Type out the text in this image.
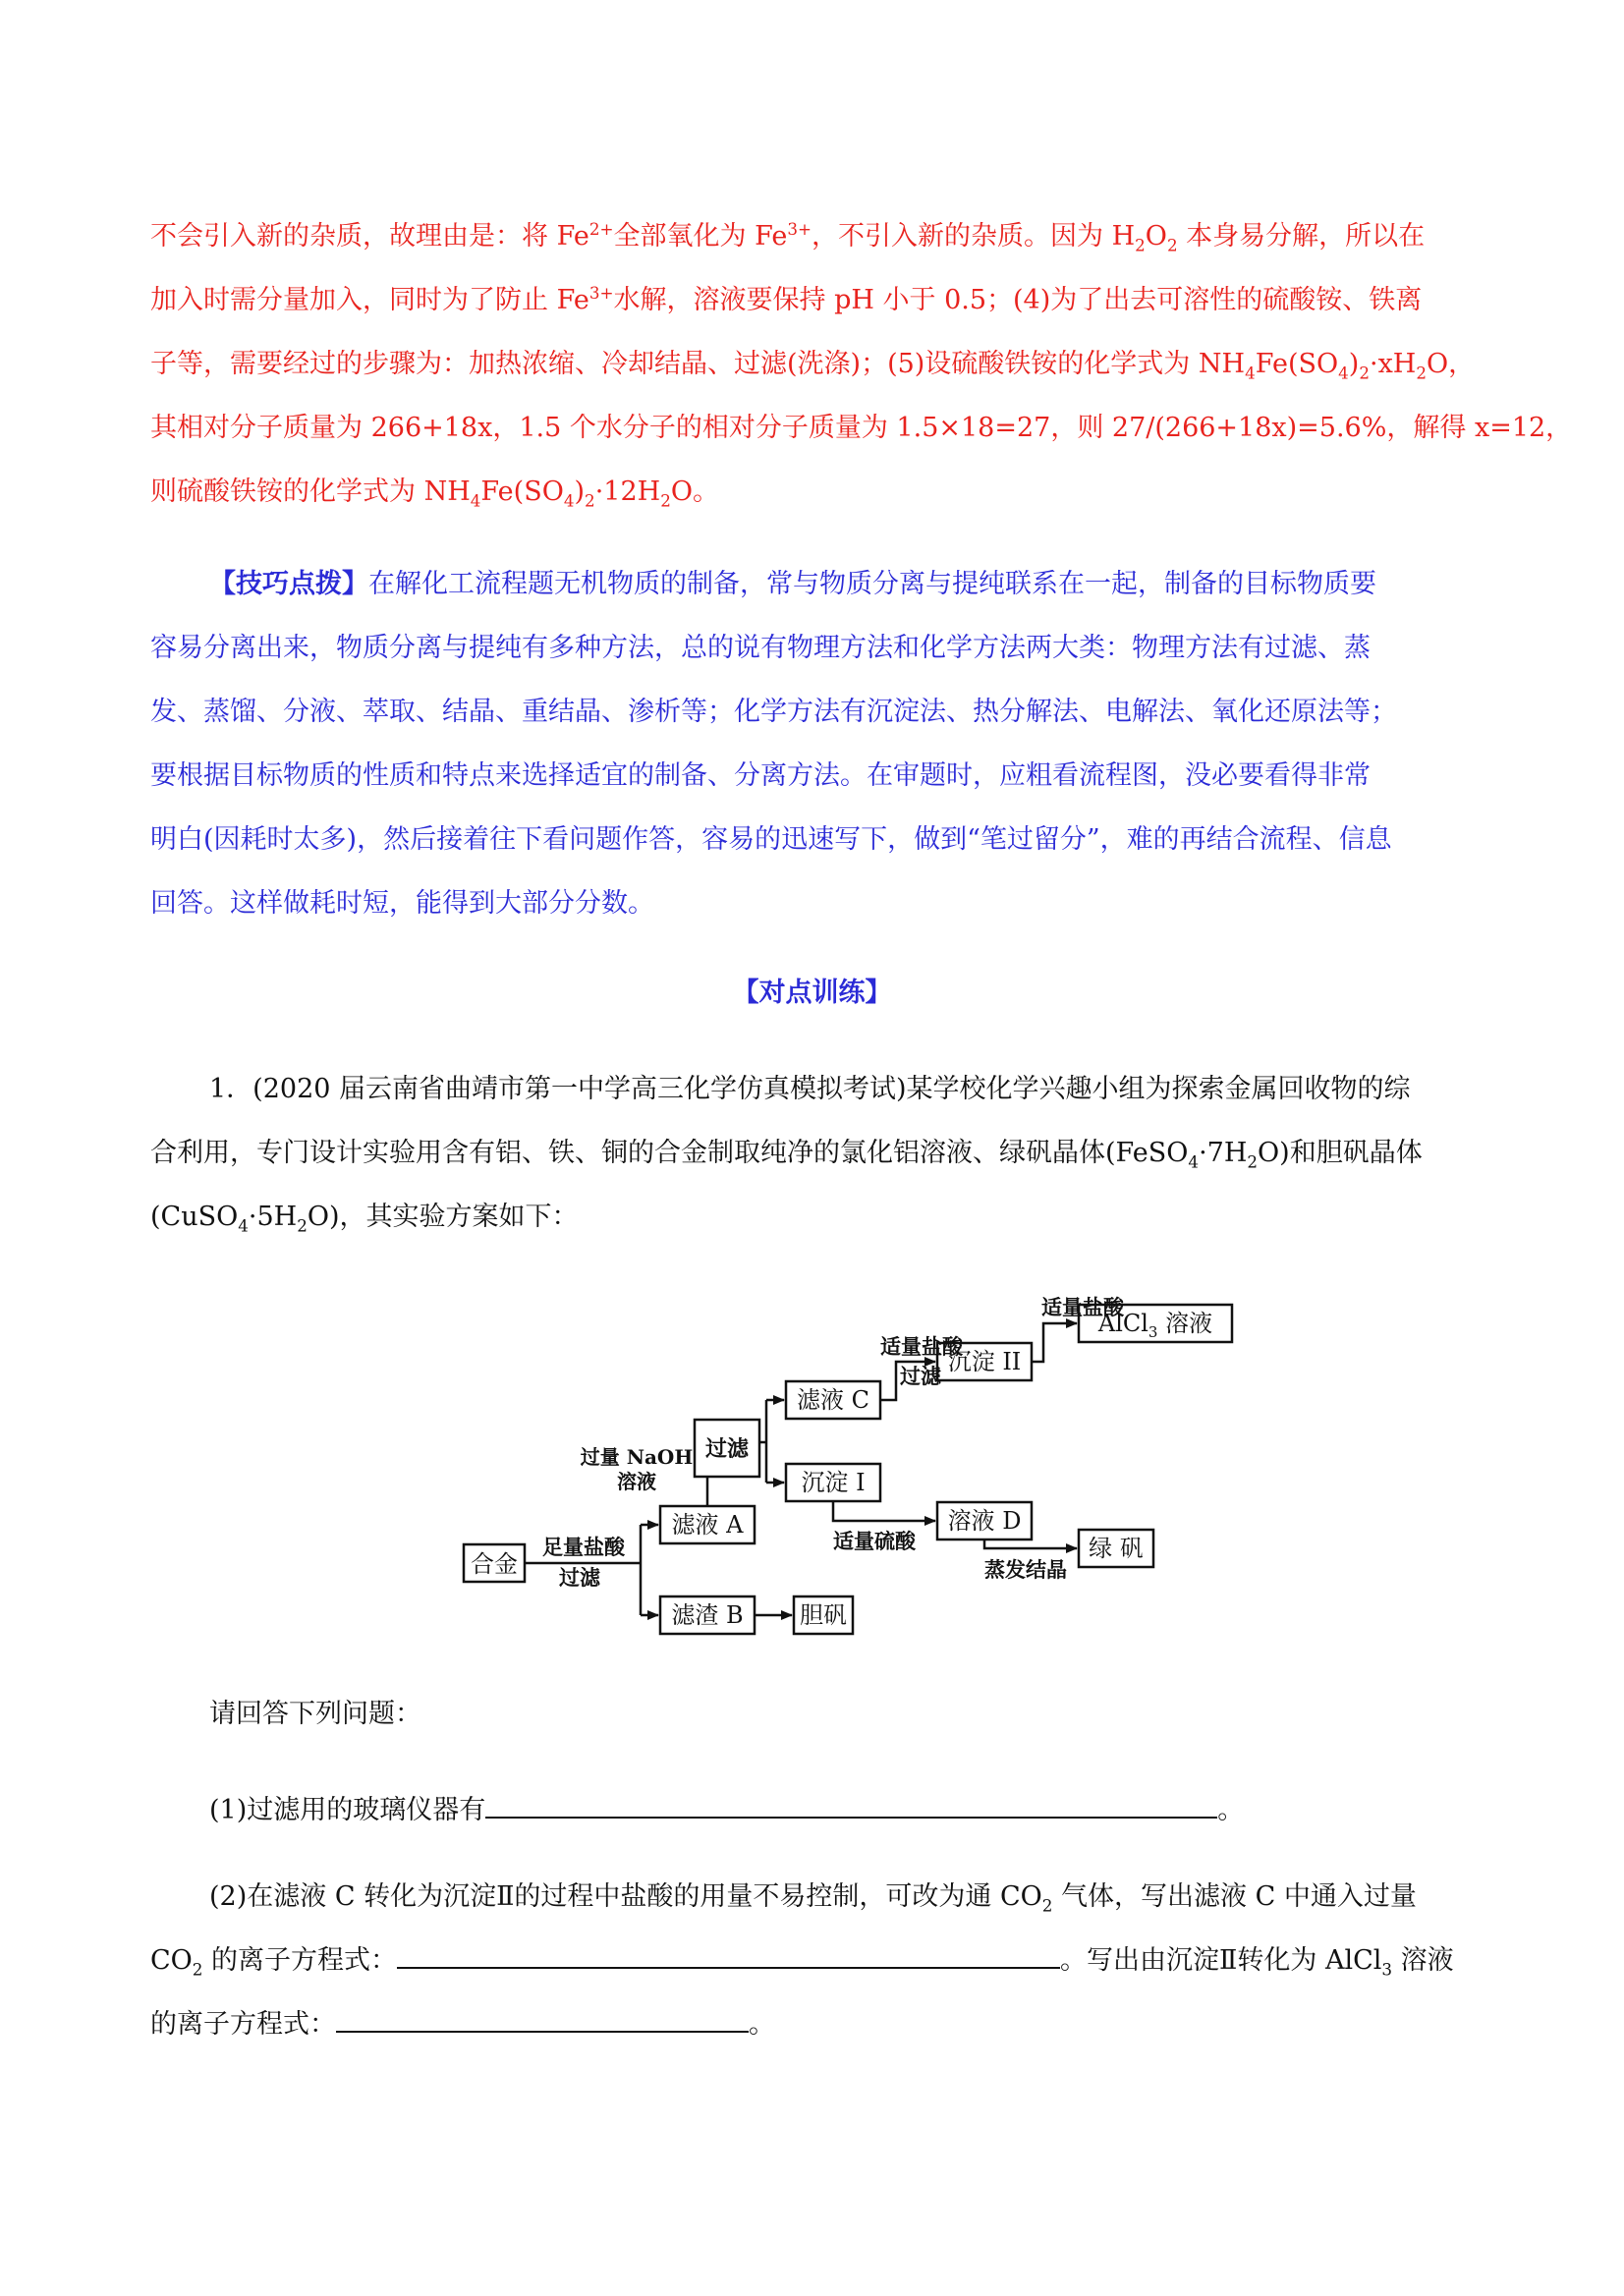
不会引入新的杂质，故理由是：将 $Fe^{2+}$全部氧化为 $Fe^{3+}$，不引入新的杂质。因为 $H_2O_2$ 本身易分解，所以在
加入时需分量加入，同时为了防止 $Fe^{3+}$水解，溶液要保持 pH 小于 0.5；(4)为了出去可溶性的硫酸铵、铁离
子等，需要经过的步骤为：加热浓缩、冷却结晶、过滤(洗涤)；(5)设硫酸铁铵的化学式为 $NH_4Fe(SO_4)_2\cdot xH_2O$，
其相对分子质量为 266+18x，1.5 个水分子的相对分子质量为 1.5×18=27，则 27/(266+18x)=5.6%，解得 x=12，
则硫酸铁铵的化学式为 $NH_4Fe(SO_4)_2\cdot 12H_2O$。
【技巧点拨】在解化工流程题无机物质的制备，常与物质分离与提纯联系在一起，制备的目标物质要
容易分离出来，物质分离与提纯有多种方法，总的说有物理方法和化学方法两大类：物理方法有过滤、蒸
发、蒸馏、分液、萃取、结晶、重结晶、渗析等；化学方法有沉淀法、热分解法、电解法、氧化还原法等；
要根据目标物质的性质和特点来选择适宜的制备、分离方法。在审题时，应粗看流程图，没必要看得非常
明白(因耗时太多)，然后接着往下看问题作答，容易的迅速写下，做到“笔过留分”，难的再结合流程、信息
回答。这样做耗时短，能得到大部分分数。
【对点训练】
1．(2020 届云南省曲靖市第一中学高三化学仿真模拟考试)某学校化学兴趣小组为探索金属回收物的综
合利用，专门设计实验用含有铝、铁、铜的合金制取纯净的氯化铝溶液、绿矾晶体$(FeSO_4\cdot 7H_2O)$和胆矾晶体
$(CuSO_4\cdot 5H_2O)$，其实验方案如下：
合金
足量盐酸
过滤
滤液 A
滤渣 B 胆矾
过量 NaOH
溶液
过滤
滤液 C
沉淀 I
适量盐酸
过滤
沉淀 II
适量盐酸
AlCl$_3$ 溶液
适量硫酸
溶液 D
蒸发结晶
绿 矾
请回答下列问题：
(1)过滤用的玻璃仪器有	。
(2)在滤液 C 转化为沉淀Ⅱ的过程中盐酸的用量不易控制，可改为通 $CO_2$ 气体，写出滤液 C 中通入过量
$CO_2$ 的离子方程式：	。写出由沉淀Ⅱ转化为 AlCl$_3$ 溶液
的离子方程式：	。
